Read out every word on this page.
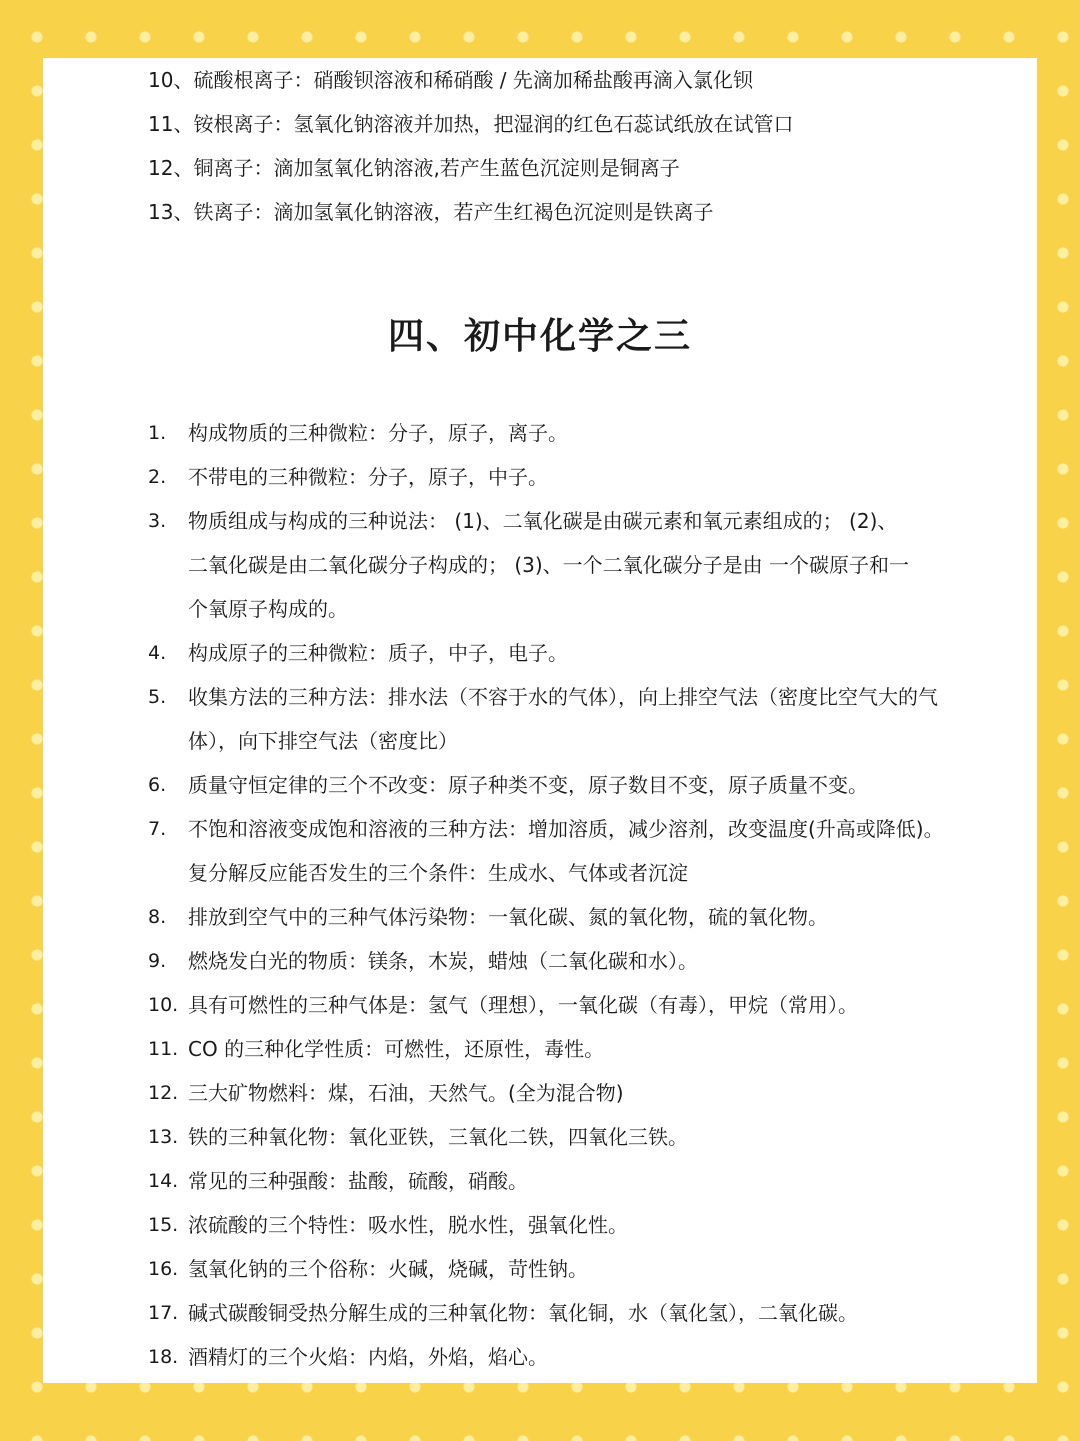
10、硫酸根离子：硝酸钡溶液和稀硝酸 / 先滴加稀盐酸再滴入氯化钡
11、铵根离子：氢氧化钠溶液并加热，把湿润的红色石蕊试纸放在试管口
12、铜离子：滴加氢氧化钠溶液,若产生蓝色沉淀则是铜离子
13、铁离子：滴加氢氧化钠溶液，若产生红褐色沉淀则是铁离子
四、初中化学之三
1. 构成物质的三种微粒：分子，原子，离子。
2. 不带电的三种微粒：分子，原子，中子。
3. 物质组成与构成的三种说法： (1)、二氧化碳是由碳元素和氧元素组成的； (2)、
二氧化碳是由二氧化碳分子构成的； (3)、一个二氧化碳分子是由 一个碳原子和一
个氧原子构成的。
4. 构成原子的三种微粒：质子，中子，电子。
5. 收集方法的三种方法：排水法（不容于水的气体），向上排空气法（密度比空气大的气
体），向下排空气法（密度比）
6. 质量守恒定律的三个不改变：原子种类不变，原子数目不变，原子质量不变。
7. 不饱和溶液变成饱和溶液的三种方法：增加溶质，减少溶剂，改变温度(升高或降低)。
复分解反应能否发生的三个条件：生成水、气体或者沉淀
8. 排放到空气中的三种气体污染物：一氧化碳、氮的氧化物，硫的氧化物。
9. 燃烧发白光的物质：镁条，木炭，蜡烛（二氧化碳和水）。
10. 具有可燃性的三种气体是：氢气（理想），一氧化碳（有毒），甲烷（常用）。
11. CO 的三种化学性质：可燃性，还原性，毒性。
12. 三大矿物燃料：煤，石油，天然气。(全为混合物)
13. 铁的三种氧化物：氧化亚铁，三氧化二铁，四氧化三铁。
14. 常见的三种强酸：盐酸，硫酸，硝酸。
15. 浓硫酸的三个特性：吸水性，脱水性，强氧化性。
16. 氢氧化钠的三个俗称：火碱，烧碱，苛性钠。
17. 碱式碳酸铜受热分解生成的三种氧化物：氧化铜，水（氧化氢），二氧化碳。
18. 酒精灯的三个火焰：内焰，外焰，焰心。
